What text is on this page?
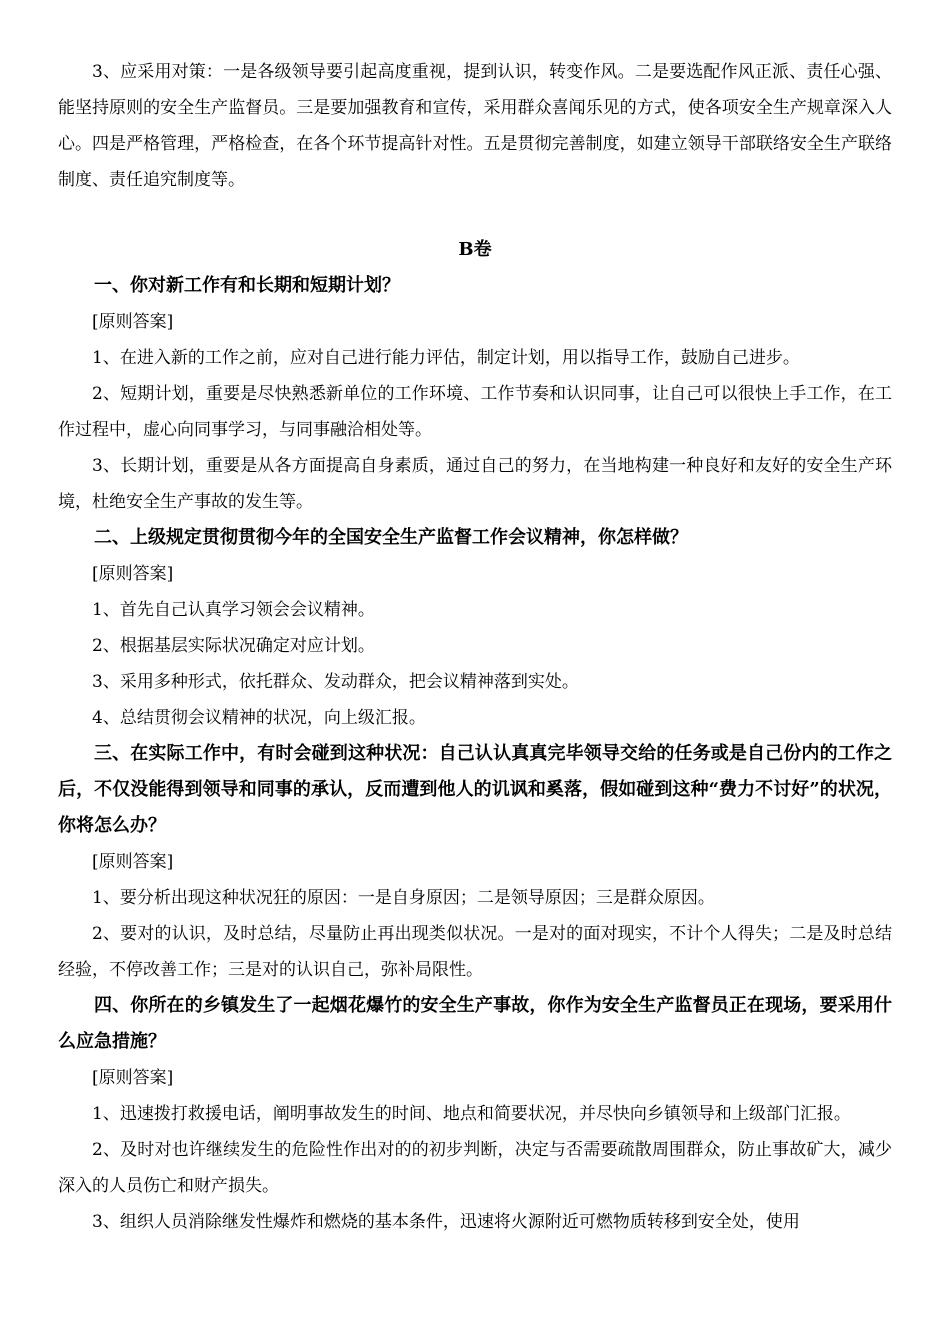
3、应采用对策：一是各级领导要引起高度重视，提到认识，转变作风。二是要选配作风正派、责任心强、能坚持原则的安全生产监督员。三是要加强教育和宣传，采用群众喜闻乐见的方式，使各项安全生产规章深入人心。四是严格管理，严格检查，在各个环节提高针对性。五是贯彻完善制度，如建立领导干部联络安全生产联络制度、责任追究制度等。

B卷

一、你对新工作有和长期和短期计划？

[原则答案]

1、在进入新的工作之前，应对自己进行能力评估，制定计划，用以指导工作，鼓励自己进步。

2、短期计划，重要是尽快熟悉新单位的工作环境、工作节奏和认识同事，让自己可以很快上手工作，在工作过程中，虚心向同事学习，与同事融洽相处等。

3、长期计划，重要是从各方面提高自身素质，通过自己的努力，在当地构建一种良好和友好的安全生产环境，杜绝安全生产事故的发生等。

二、上级规定贯彻贯彻今年的全国安全生产监督工作会议精神，你怎样做？

[原则答案]

1、首先自己认真学习领会会议精神。

2、根据基层实际状况确定对应计划。

3、采用多种形式，依托群众、发动群众，把会议精神落到实处。

4、总结贯彻会议精神的状况，向上级汇报。

三、在实际工作中，有时会碰到这种状况：自己认认真真完毕领导交给的任务或是自己份内的工作之后，不仅没能得到领导和同事的承认，反而遭到他人的讥讽和奚落，假如碰到这种“费力不讨好”的状况，你将怎么办？

[原则答案]

1、要分析出现这种状况狂的原因：一是自身原因；二是领导原因；三是群众原因。

2、要对的认识，及时总结，尽量防止再出现类似状况。一是对的面对现实，不计个人得失；二是及时总结经验，不停改善工作；三是对的认识自己，弥补局限性。

四、你所在的乡镇发生了一起烟花爆竹的安全生产事故，你作为安全生产监督员正在现场，要采用什么应急措施？

[原则答案]

1、迅速拨打救援电话，阐明事故发生的时间、地点和简要状况，并尽快向乡镇领导和上级部门汇报。

2、及时对也许继续发生的危险性作出对的的初步判断，决定与否需要疏散周围群众，防止事故矿大，减少深入的人员伤亡和财产损失。

3、组织人员消除继发性爆炸和燃烧的基本条件，迅速将火源附近可燃物质转移到安全处，使用
